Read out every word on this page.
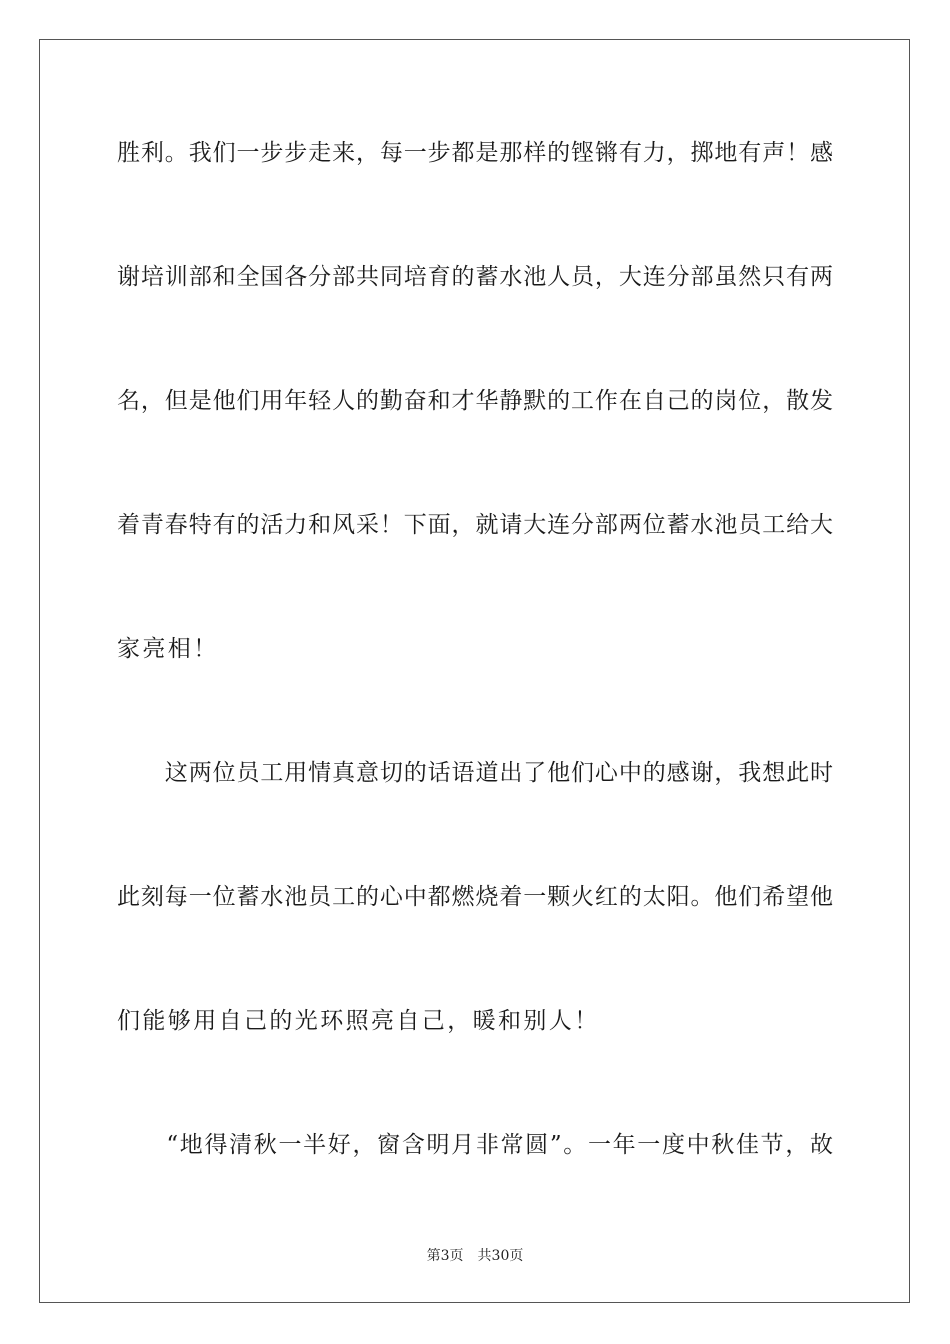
胜利。我们一步步走来，每一步都是那样的铿锵有力，掷地有声！感
谢培训部和全国各分部共同培育的蓄水池人员，大连分部虽然只有两
名，但是他们用年轻人的勤奋和才华静默的工作在自己的岗位，散发
着青春特有的活力和风采！下面，就请大连分部两位蓄水池员工给大
家亮相！
　　这两位员工用情真意切的话语道出了他们心中的感谢，我想此时
此刻每一位蓄水池员工的心中都燃烧着一颗火红的太阳。他们希望他
们能够用自己的光环照亮自己，暖和别人！
　　“地得清秋一半好，窗含明月非常圆”。一年一度中秋佳节，故
第3页 共30页
